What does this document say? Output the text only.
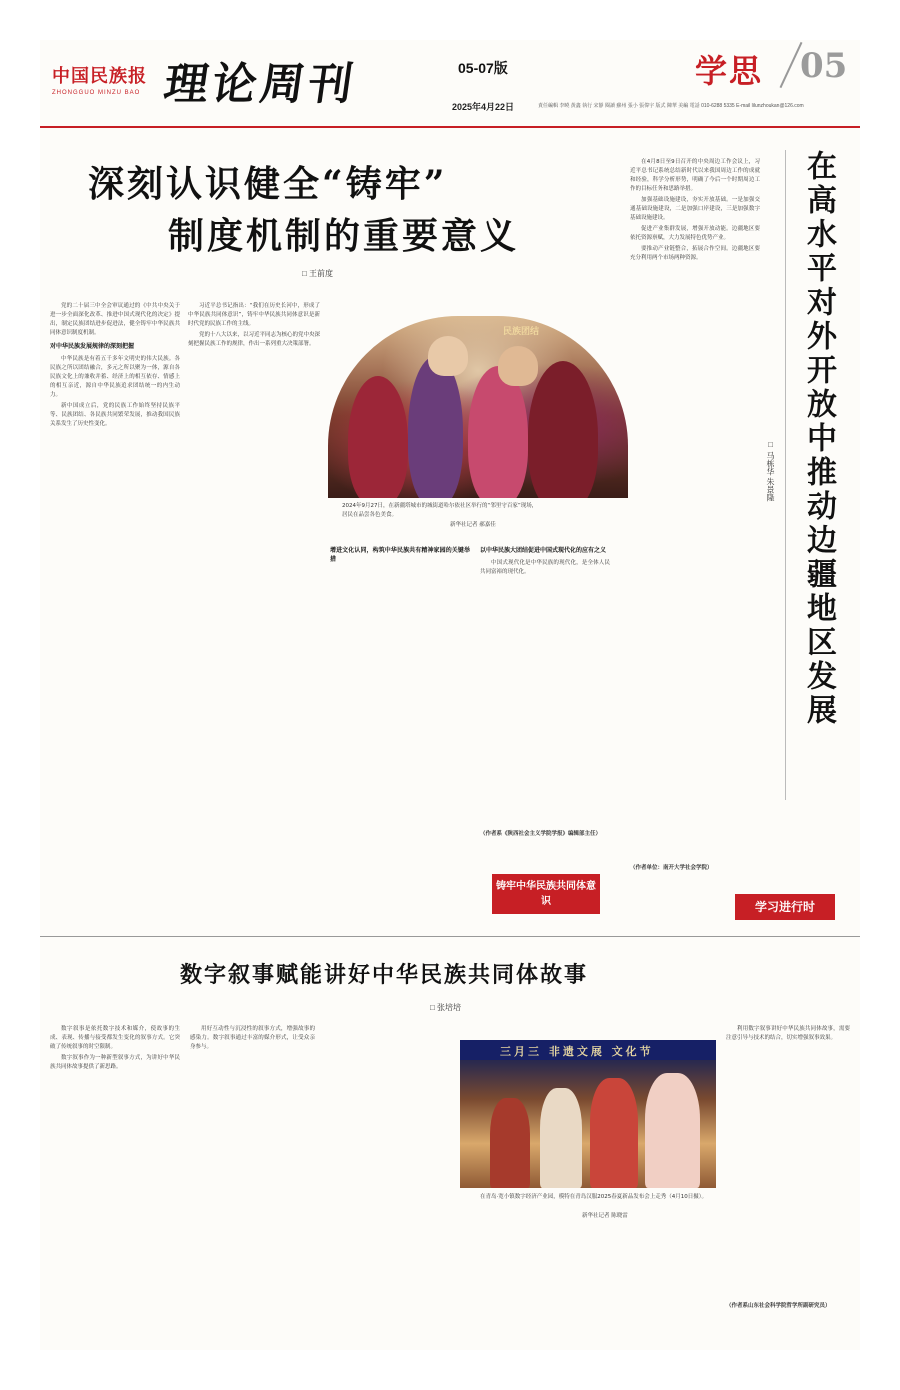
中国民族报
ZHONGGUO MINZU BAO 理论周刊	05-07版
2025年4月22日	責任編輯 李曉 黃鑫 執行 宋靜 閱讀 蘇州 張小 張偉宇 版式 陳華 美編 電話 010-6288 5335 E-mail lilunzhoukan@126.com
学思 05
深刻认识健全“铸牢”
制度机制的重要意义
□ 王前度

党的二十届三中全会审议通过的《中共中央关于进一步全面深化改革、推进中国式现代化的决定》提出，制定民族团结进步促进法，健全铸牢中华民族共同体意识制度机制。

对中华民族发展规律的深刻把握

中华民族是有着五千多年文明史的伟大民族。各民族之所以团结融合，多元之所以聚为一体，源自各民族文化上的兼收并蓄、经济上的相互依存、情感上的相互亲近，源自中华民族追求团结统一的内生动力。

新中国成立后，党的民族工作始终坚持民族平等、民族团结、各民族共同繁荣发展，推动我国民族关系发生了历史性变化。

习近平总书记指出：“我们在历史长河中，形成了中华民族共同体意识”，铸牢中华民族共同体意识是新时代党的民族工作的主线。

党的十八大以来，以习近平同志为核心的党中央深刻把握民族工作的规律，作出一系列重大决策部署。

增进文化认同，构筑中华民族共有精神家园的关键举措

以中华民族大团结促进中国式现代化的应有之义

中国式现代化是中华民族的现代化，是全体人民共同富裕的现代化。

（作者系《陕西社会主义学院学报》编辑部主任）
铸牢中华民族共同体意识
民族团结
2024年9月27日，在新疆塔城市的城街道哈尔依社区举行的“邻里守百家”现场，居民在品尝各色美食。
新华社记者 郝嘉佳

在4月8日至9日召开的中央周边工作会议上，习近平总书记系统总结新时代以来我国周边工作的成就和经验，科学分析形势，明确了今后一个时期周边工作的目标任务和思路举措。

加强基础设施建设，夯实开放基础。一是加强交通基础设施建设，二是加强口岸建设，三是加强数字基础设施建设。

促进产业集群发展，增强开放动能。边疆地区要依托资源禀赋，大力发展特色优势产业。

要推动产业链整合，拓展合作空间。边疆地区要充分利用两个市场两种资源。

（作者单位：南开大学社会学院）
学习进行时
□ 马栋华 朱景隆
在高水平对外开放中推动边疆地区发展
数字叙事赋能讲好中华民族共同体故事
□ 张培培

数字叙事是依托数字技术和媒介，使故事的生成、表现、传播与接受都发生变化的叙事方式。它突破了传统叙事的时空限制。

数字叙事作为一种新型叙事方式，为讲好中华民族共同体故事提供了新思路。

用好互动性与沉浸性的叙事方式，增强故事的感染力。数字叙事通过丰富的媒介形式，让受众亲身参与。

利用数字叙事讲好中华民族共同体故事，需要注意引导与技术的结合，切实增强叙事效果。

（作者系山东社会科学院哲学所副研究员）
三月三 非遗文展 文化节
在青岛·宽小镇数字经济产业园，模特在青岛汉服2025春夏新品发布会上走秀（4月10日摄）。
新华社记者 陈晓雷
